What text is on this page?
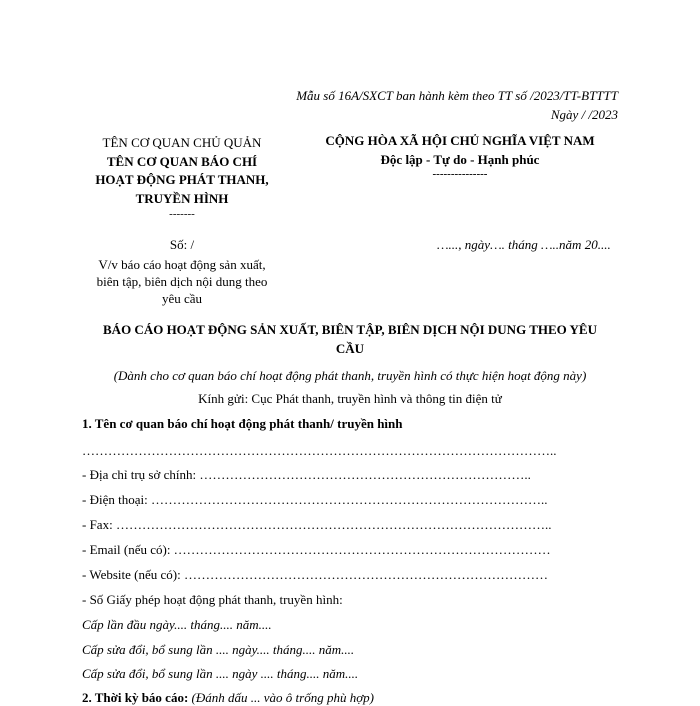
Mẫu số 16A/SXCT ban hành kèm theo TT số /2023/TT-BTTTT
Ngày / /2023
TÊN CƠ QUAN CHỦ QUẢN
TÊN CƠ QUAN BÁO CHÍ
HOẠT ĐỘNG PHÁT THANH,
TRUYỀN HÌNH
-------
CỘNG HÒA XÃ HỘI CHỦ NGHĨA VIỆT NAM
Độc lập - Tự do - Hạnh phúc
---------------
Số: /
V/v báo cáo hoạt động sản xuất,
biên tập, biên dịch nội dung theo
yêu cầu
…..., ngày…. tháng …..năm 20....
BÁO CÁO HOẠT ĐỘNG SẢN XUẤT, BIÊN TẬP, BIÊN DỊCH NỘI DUNG THEO YÊU
CẦU
(Dành cho cơ quan báo chí hoạt động phát thanh, truyền hình có thực hiện hoạt động này)
Kính gửi: Cục Phát thanh, truyền hình và thông tin điện tử
1. Tên cơ quan báo chí hoạt động phát thanh/ truyền hình
………………………………………………………………………………………………..
- Địa chỉ trụ sở chính: …………………………………………………………………..
- Điện thoại: ………………………………………………………………………………..
- Fax: ………………………………………………………………………………………..
- Email (nếu có): ……………………………………………………………………………
- Website (nếu có): …………………………………………………………………………
- Số Giấy phép hoạt động phát thanh, truyền hình:
Cấp lần đầu ngày.... tháng.... năm....
Cấp sửa đổi, bổ sung lần .... ngày.... tháng.... năm....
Cấp sửa đổi, bổ sung lần .... ngày .... tháng.... năm....
2. Thời kỳ báo cáo: (Đánh dấu ... vào ô trống phù hợp)
